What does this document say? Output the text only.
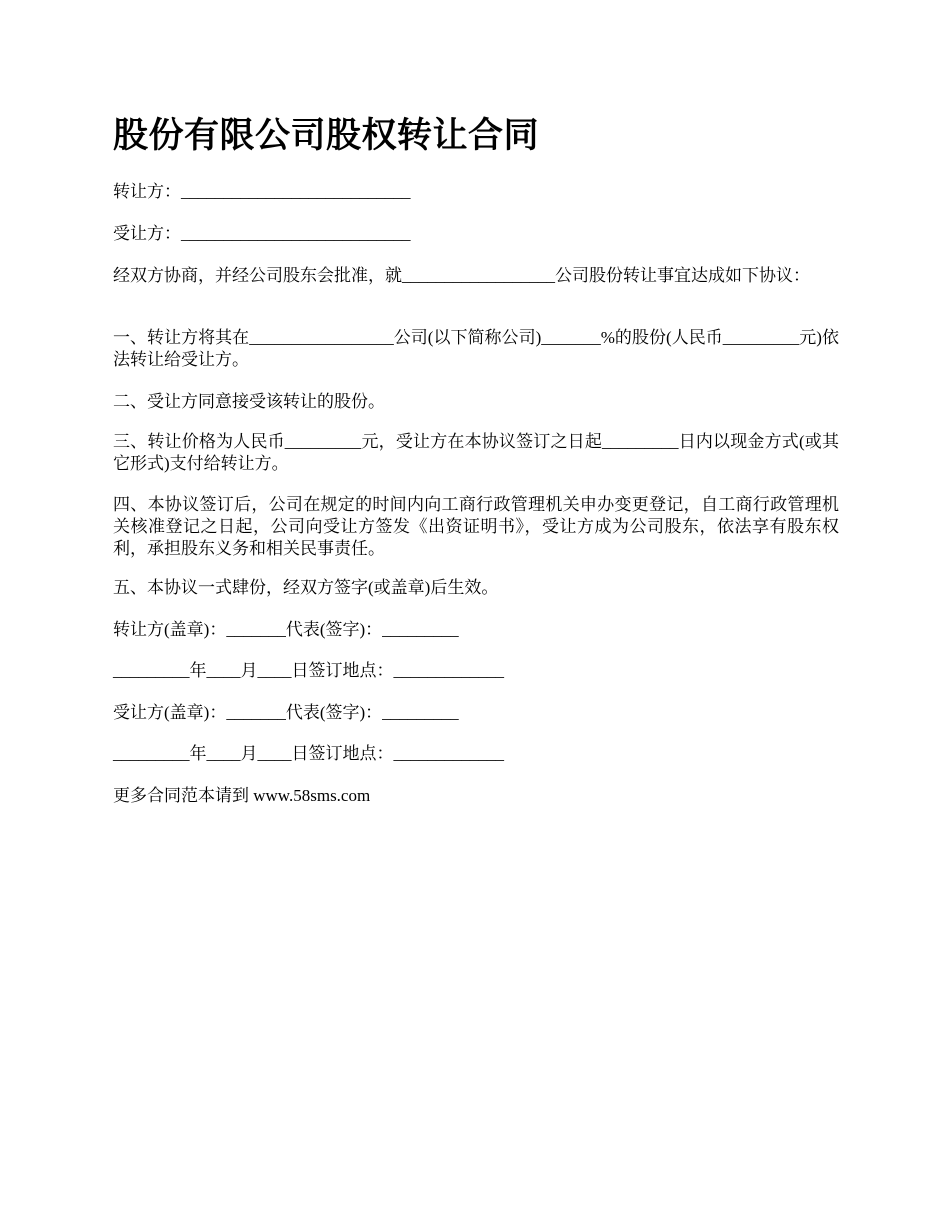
股份有限公司股权转让合同

转让方：___________________________

受让方：___________________________

经双方协商，并经公司股东会批准，就__________________公司股份转让事宜达成如下协议：

一、转让方将其在_________________公司(以下简称公司)_______%的股份(人民币_________元)依法转让给受让方。

二、受让方同意接受该转让的股份。

三、转让价格为人民币_________元，受让方在本协议签订之日起_________日内以现金方式(或其它形式)支付给转让方。

四、本协议签订后，公司在规定的时间内向工商行政管理机关申办变更登记，自工商行政管理机关核准登记之日起，公司向受让方签发《出资证明书》，受让方成为公司股东，依法享有股东权利，承担股东义务和相关民事责任。

五、本协议一式肆份，经双方签字(或盖章)后生效。

转让方(盖章)：_______代表(签字)：_________

_________年____月____日签订地点：_____________

受让方(盖章)：_______代表(签字)：_________

_________年____月____日签订地点：_____________

更多合同范本请到 www.58sms.com
